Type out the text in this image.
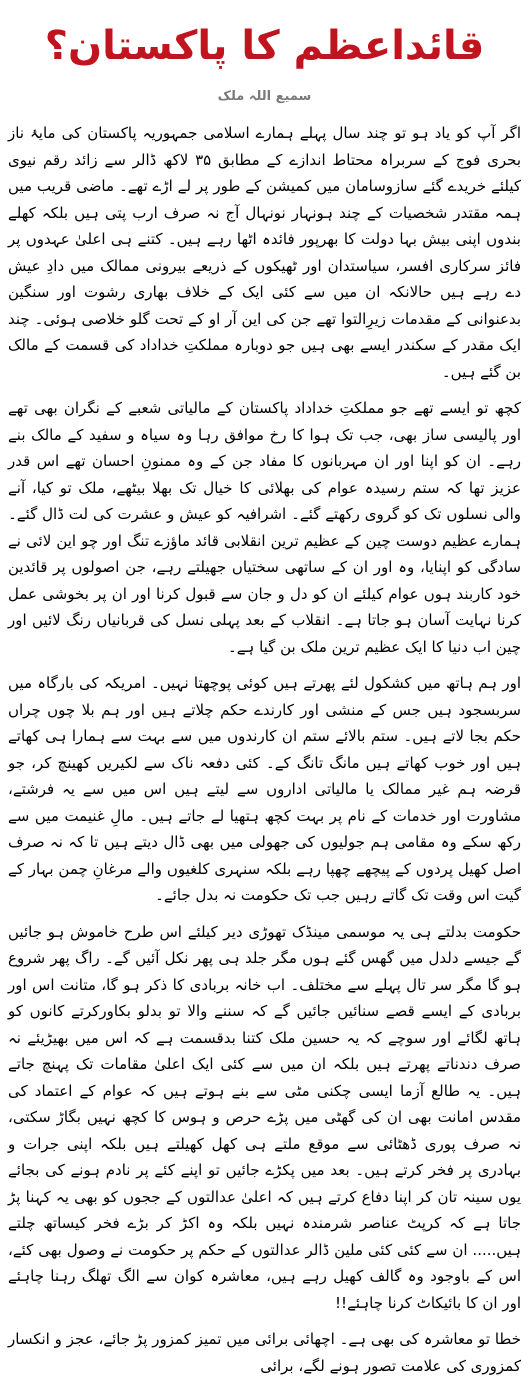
قائداعظم کا پاکستان؟
سمیع اللہ ملک

اگر آپ کو یاد ہو تو چند سال پہلے ہمارے اسلامی جمہوریہ پاکستان کی مایۂ ناز بحری فوج کے سربراہ محتاط اندازے کے مطابق ۳۵ لاکھ ڈالر سے زائد رقم نیوی کیلئے خریدے گئے سازوسامان میں کمیشن کے طور پر لے اڑے تھے۔ ماضی قریب میں ہمہ مقتدر شخصیات کے چند ہونہار نونہال آج نہ صرف ارب پتی ہیں بلکہ کھلے بندوں اپنی بیش بہا دولت کا بھرپور فائدہ اٹھا رہے ہیں۔ کتنے ہی اعلیٰ عہدوں پر فائز سرکاری افسر، سیاستدان اور ٹھیکوں کے ذریعے بیرونی ممالک میں دادِ عیش دے رہے ہیں حالانکہ ان میں سے کئی ایک کے خلاف بھاری رشوت اور سنگین بدعنوانی کے مقدمات زیرِالتوا تھے جن کی این آر او کے تحت گلو خلاصی ہوئی۔ چند ایک مقدر کے سکندر ایسے بھی ہیں جو دوبارہ مملکتِ خداداد کی قسمت کے مالک بن گئے ہیں۔

کچھ تو ایسے تھے جو مملکتِ خداداد پاکستان کے مالیاتی شعبے کے نگران بھی تھے اور پالیسی ساز بھی، جب تک ہوا کا رخ موافق رہا وہ سیاہ و سفید کے مالک بنے رہے۔ ان کو اپنا اور ان مہربانوں کا مفاد جن کے وہ ممنونِ احسان تھے اس قدر عزیز تھا کہ ستم رسیدہ عوام کی بھلائی کا خیال تک بھلا بیٹھے، ملک تو کیا، آنے والی نسلوں تک کو گروی رکھتے گئے۔ اشرافیہ کو عیش و عشرت کی لت ڈال گئے۔ ہمارے عظیم دوست چین کے عظیم ترین انقلابی قائد ماؤزے تنگ اور چو این لائی نے سادگی کو اپنایا، وہ اور ان کے ساتھی سختیاں جھیلتے رہے، جن اصولوں پر قائدین خود کاربند ہوں عوام کیلئے ان کو دل و جان سے قبول کرنا اور ان پر بخوشی عمل کرنا نہایت آسان ہو جاتا ہے۔ انقلاب کے بعد پہلی نسل کی قربانیاں رنگ لائیں اور چین اب دنیا کا ایک عظیم ترین ملک بن گیا ہے۔

اور ہم ہاتھ میں کشکول لئے پھرتے ہیں کوئی پوچھتا نہیں۔ امریکہ کی بارگاہ میں سربسجود ہیں جس کے منشی اور کارندے حکم چلاتے ہیں اور ہم بلا چوں چراں حکم بجا لاتے ہیں۔ ستم بالائے ستم ان کارندوں میں سے بہت سے ہمارا ہی کھاتے ہیں اور خوب کھاتے ہیں مانگ تانگ کے۔ کئی دفعہ ناک سے لکیریں کھینچ کر، جو قرضہ ہم غیر ممالک یا مالیاتی اداروں سے لیتے ہیں اس میں سے یہ فرشتے، مشاورت اور خدمات کے نام پر بہت کچھ ہتھیا لے جاتے ہیں۔ مالِ غنیمت میں سے رکھ سکے وہ مقامی ہم جولیوں کی جھولی میں بھی ڈال دیتے ہیں تا کہ نہ صرف اصل کھیل پردوں کے پیچھے چھپا رہے بلکہ سنہری کلغیوں والے مرغانِ چمن بہار کے گیت اس وقت تک گاتے رہیں جب تک حکومت نہ بدل جائے۔

حکومت بدلتے ہی یہ موسمی مینڈک تھوڑی دیر کیلئے اس طرح خاموش ہو جائیں گے جیسے دلدل میں گھس گئے ہوں مگر جلد ہی پھر نکل آئیں گے۔ راگ پھر شروع ہو گا مگر سر تال پہلے سے مختلف۔ اب خانہ بربادی کا ذکر ہو گا، متانت اس اور بربادی کے ایسے قصے سنائیں جائیں گے کہ سننے والا تو بدلو بکاورکرتے کانوں کو ہاتھ لگائے اور سوچے کہ یہ حسین ملک کتنا بدقسمت ہے کہ اس میں بھیڑیئے نہ صرف دندناتے پھرتے ہیں بلکہ ان میں سے کئی ایک اعلیٰ مقامات تک پہنچ جاتے ہیں۔ یہ طالع آزما ایسی چکنی مٹی سے بنے ہوتے ہیں کہ عوام کے اعتماد کی مقدس امانت بھی ان کی گھٹی میں پڑے حرص و ہوس کا کچھ نہیں بگاڑ سکتی، نہ صرف پوری ڈھٹائی سے موقع ملتے ہی کھل کھیلتے ہیں بلکہ اپنی جرات و بہادری پر فخر کرتے ہیں۔ بعد میں پکڑے جائیں تو اپنے کئے پر نادم ہونے کی بجائے یوں سینہ تان کر اپنا دفاع کرتے ہیں کہ اعلیٰ عدالتوں کے ججوں کو بھی یہ کہنا پڑ جاتا ہے کہ کرپٹ عناصر شرمندہ نہیں بلکہ وہ اکڑ کر بڑے فخر کیساتھ چلتے ہیں..... ان سے کئی کئی ملین ڈالر عدالتوں کے حکم پر حکومت نے وصول بھی کئے، اس کے باوجود وہ گالف کھیل رہے ہیں، معاشرہ کوان سے الگ تھلگ رہنا چاہئے اور ان کا بائیکاٹ کرنا چاہئے!!

خطا تو معاشرہ کی بھی ہے۔ اچھائی برائی میں تمیز کمزور پڑ جائے، عجز و انکسار کمزوری کی علامت تصور ہونے لگے، برائی
